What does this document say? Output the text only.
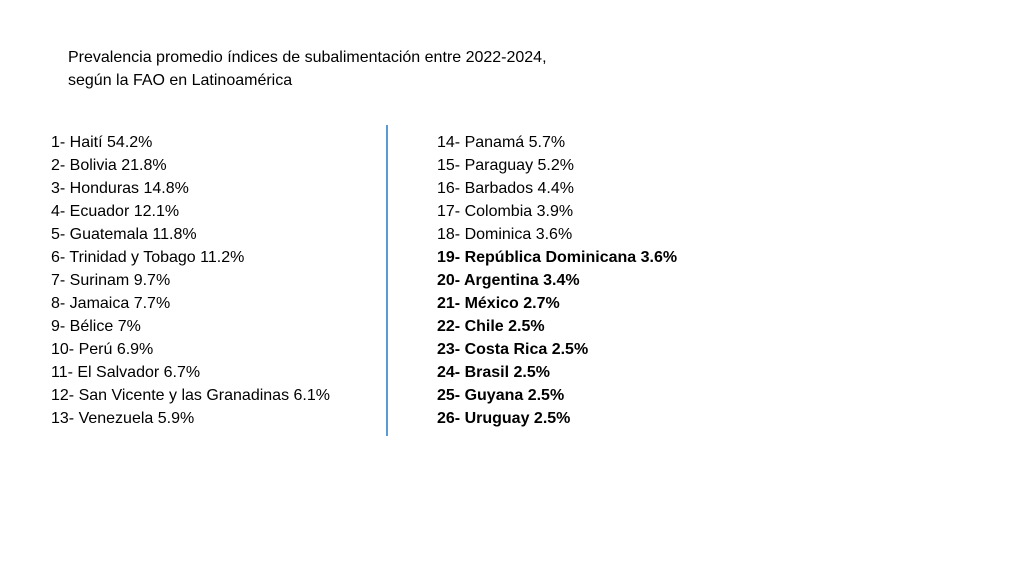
Prevalencia promedio índices de subalimentación entre 2022-2024,
según la FAO en Latinoamérica
1- Haití 54.2%
2- Bolivia 21.8%
3- Honduras 14.8%
4- Ecuador 12.1%
5- Guatemala 11.8%
6- Trinidad y Tobago 11.2%
7- Surinam 9.7%
8- Jamaica 7.7%
9- Bélice 7%
10- Perú 6.9%
11- El Salvador 6.7%
12- San Vicente y las Granadinas 6.1%
13- Venezuela 5.9%
14- Panamá 5.7%
15- Paraguay 5.2%
16- Barbados 4.4%
17- Colombia 3.9%
18- Dominica 3.6%
19- República Dominicana 3.6%
20- Argentina 3.4%
21- México 2.7%
22- Chile 2.5%
23- Costa Rica 2.5%
24- Brasil 2.5%
25- Guyana 2.5%
26- Uruguay 2.5%
